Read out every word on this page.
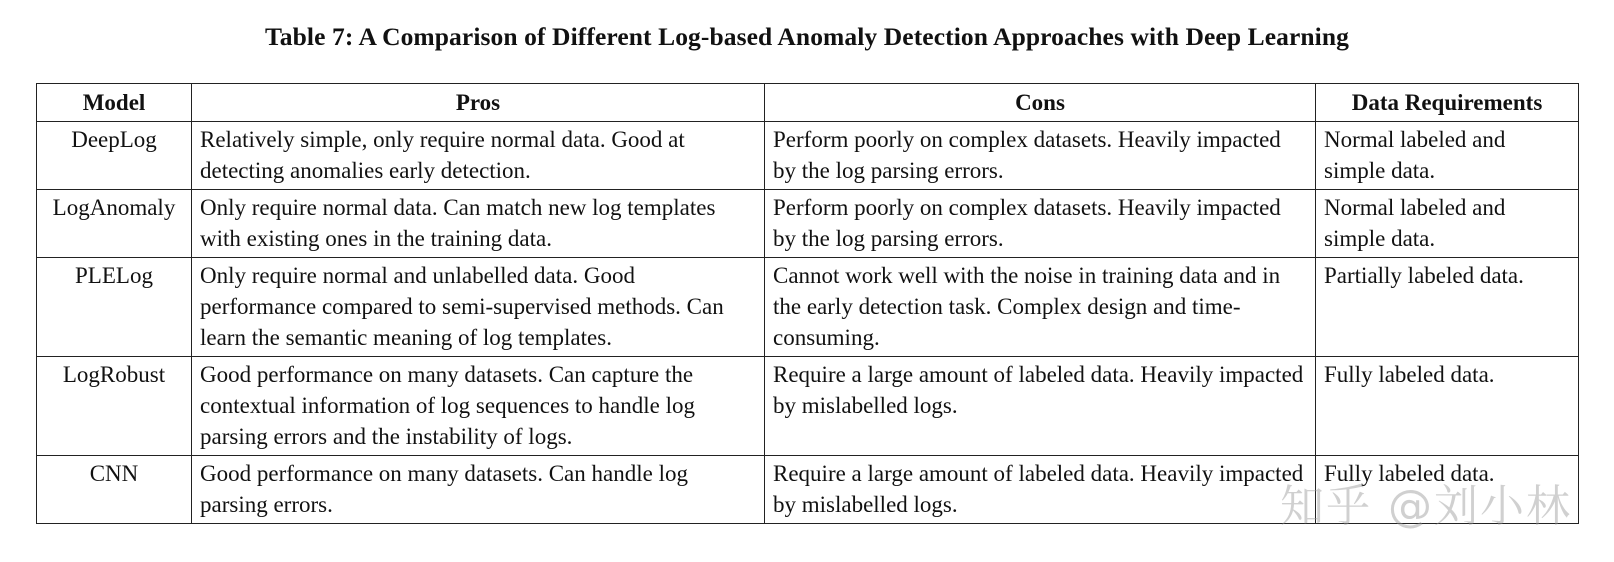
Table 7: A Comparison of Different Log-based Anomaly Detection Approaches with Deep Learning
Model	Pros	Cons	Data Requirements
DeepLog	Relatively simple, only require normal data. Good at detecting anomalies early detection.	Perform poorly on complex datasets. Heavily impacted by the log parsing errors.	Normal labeled and simple data.
LogAnomaly	Only require normal data. Can match new log templates with existing ones in the training data.	Perform poorly on complex datasets. Heavily impacted by the log parsing errors.	Normal labeled and simple data.
PLELog	Only require normal and unlabelled data. Good performance compared to semi-supervised methods. Can learn the semantic meaning of log templates.	Cannot work well with the noise in training data and in the early detection task. Complex design and time-consuming.	Partially labeled data.
LogRobust	Good performance on many datasets. Can capture the contextual information of log sequences to handle log parsing errors and the instability of logs.	Require a large amount of labeled data. Heavily impacted by mislabelled logs.	Fully labeled data.
CNN	Good performance on many datasets. Can handle log parsing errors.	Require a large amount of labeled data. Heavily impacted by mislabelled logs.	Fully labeled data.
知乎 @刘小林
